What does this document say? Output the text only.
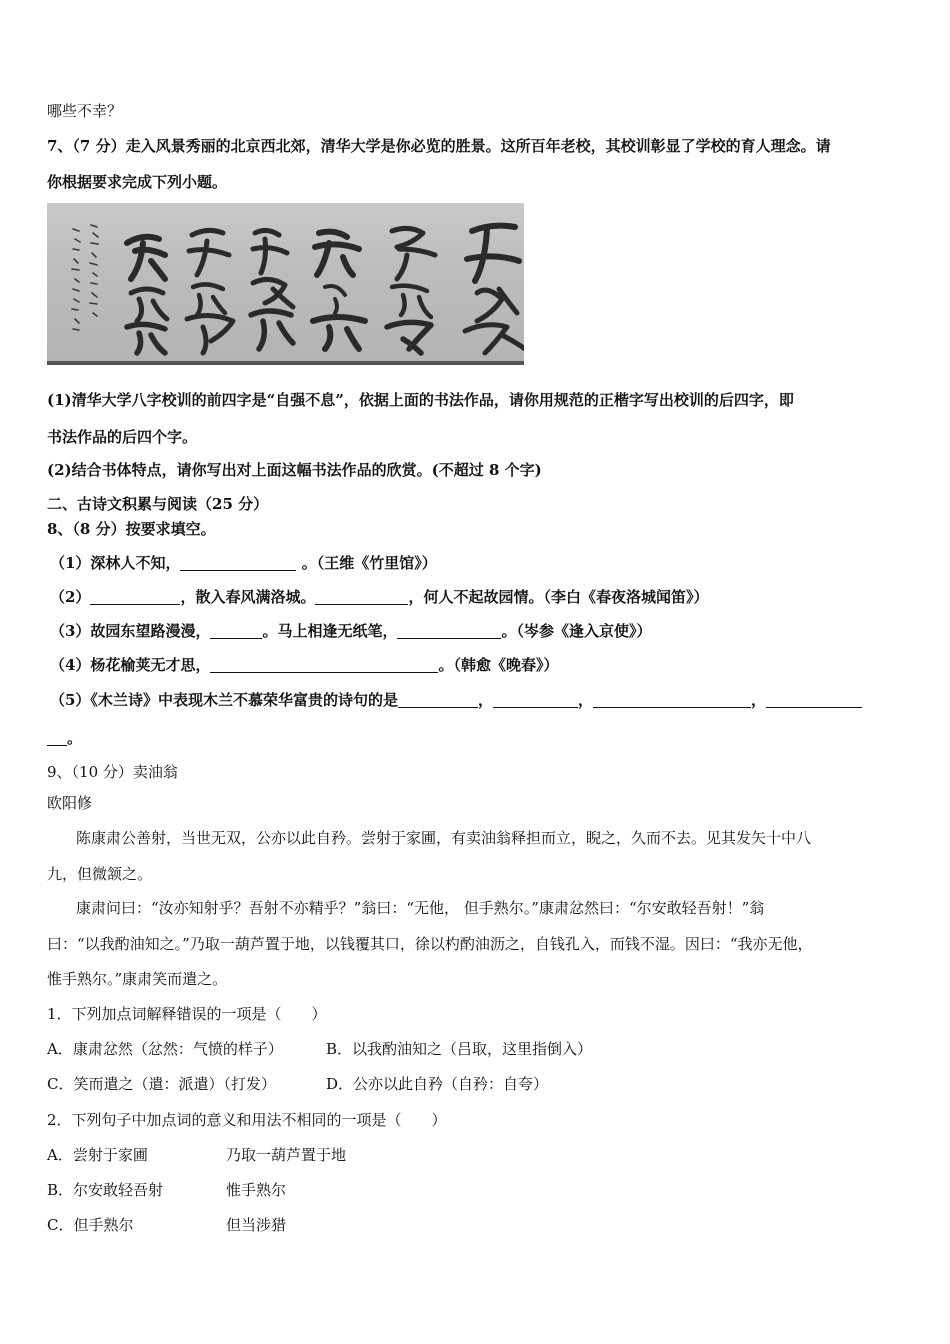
哪些不幸？
7、（7 分）走入风景秀丽的北京西北郊，清华大学是你必览的胜景。这所百年老校，其校训彰显了学校的育人理念。请
你根据要求完成下列小题。
(1)清华大学八字校训的前四字是“自强不息”，依据上面的书法作品，请你用规范的正楷字写出校训的后四字，即
书法作品的后四个字。
(2)结合书体特点，请你写出对上面这幅书法作品的欣赏。(不超过 8 个字)
二、古诗文积累与阅读（25 分）
8、（8 分）按要求填空。
（1）深林人不知，	。（王维《竹里馆》）
（2）	，散入春风满洛城。	，何人不起故园情。（李白《春夜洛城闻笛》）
（3）故园东望路漫漫，	。马上相逢无纸笔，	。（岑参《逢入京使》）
（4）杨花榆荚无才思，	。（韩愈《晚春》）
（5）《木兰诗》中表现木兰不慕荣华富贵的诗句的是	，	，	，
。
9、（10 分）卖油翁
欧阳修
陈康肃公善射，当世无双，公亦以此自矜。尝射于家圃，有卖油翁释担而立，睨之，久而不去。见其发矢十中八
九，但微颔之。
康肃问曰：“汝亦知射乎？吾射不亦精乎？”翁曰：“无他， 但手熟尔。”康肃忿然曰：“尔安敢轻吾射！”翁
曰：“以我酌油知之。”乃取一葫芦置于地，以钱覆其口，徐以杓酌油沥之，自钱孔入，而钱不湿。因曰：“我亦无他，
惟手熟尔。”康肃笑而遣之。
1．下列加点词解释错误的一项是（　　）
A．康肃忿然（忿然：气愤的样子）	B．以我酌油知之（吕取，这里指倒入）
C．笑而遣之（遣：派遣）（打发）	D．公亦以此自矜（自矜：自夸）
2．下列句子中加点词的意义和用法不相同的一项是（　　）
A．尝射于家圃	乃取一葫芦置于地
B．尔安敢轻吾射	惟手熟尔
C．但手熟尔	但当涉猎
